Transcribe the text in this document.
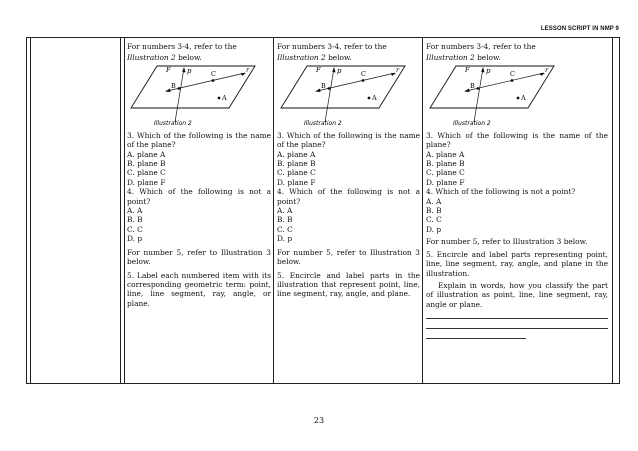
LESSON SCRIPT IN NMP 9

For numbers 3-4, refer to the

Illustration 2 below.

F p	C	r
B
A
Illustration 2

3. Which of the following is the name of the plane?

A. plane A

B. plane B

C. plane C

D. plane F

4. Which of the following is not a point?

A. A

B. B

C. C

D. p

For number 5, refer to Illustration 3 below.

5. Label each numbered item with its corresponding geometric term: point, line, line segment, ray, angle, or plane.

For numbers 3-4, refer to the

Illustration 2 below.

F p	C	r
B
A
Illustration 2

3. Which of the following is the name of the plane?

A. plane A

B. plane B

C. plane C

D. plane F

4. Which of the following is not a point?

A. A

B. B

C. C

D. p

For number 5, refer to Illustration 3 below.

5. Encircle and label parts in the illustration that represent point, line, line segment, ray, angle, and plane.

For numbers 3-4, refer to the

Illustration 2 below.

F p	C	r
B
A
Illustration 2

3. Which of the following is the name of the plane?

A. plane A

B. plane B

C. plane C

D. plane F

4. Which of the following is not a point?

A. A

B. B

C. C

D. p

For number 5, refer to Illustration 3 below.

5. Encircle and label parts representing point, line, line segment, ray, angle, and plane in the illustration.

Explain in words, how you classify the part of illustration as point, line, line segment, ray, angle or plane.

23
